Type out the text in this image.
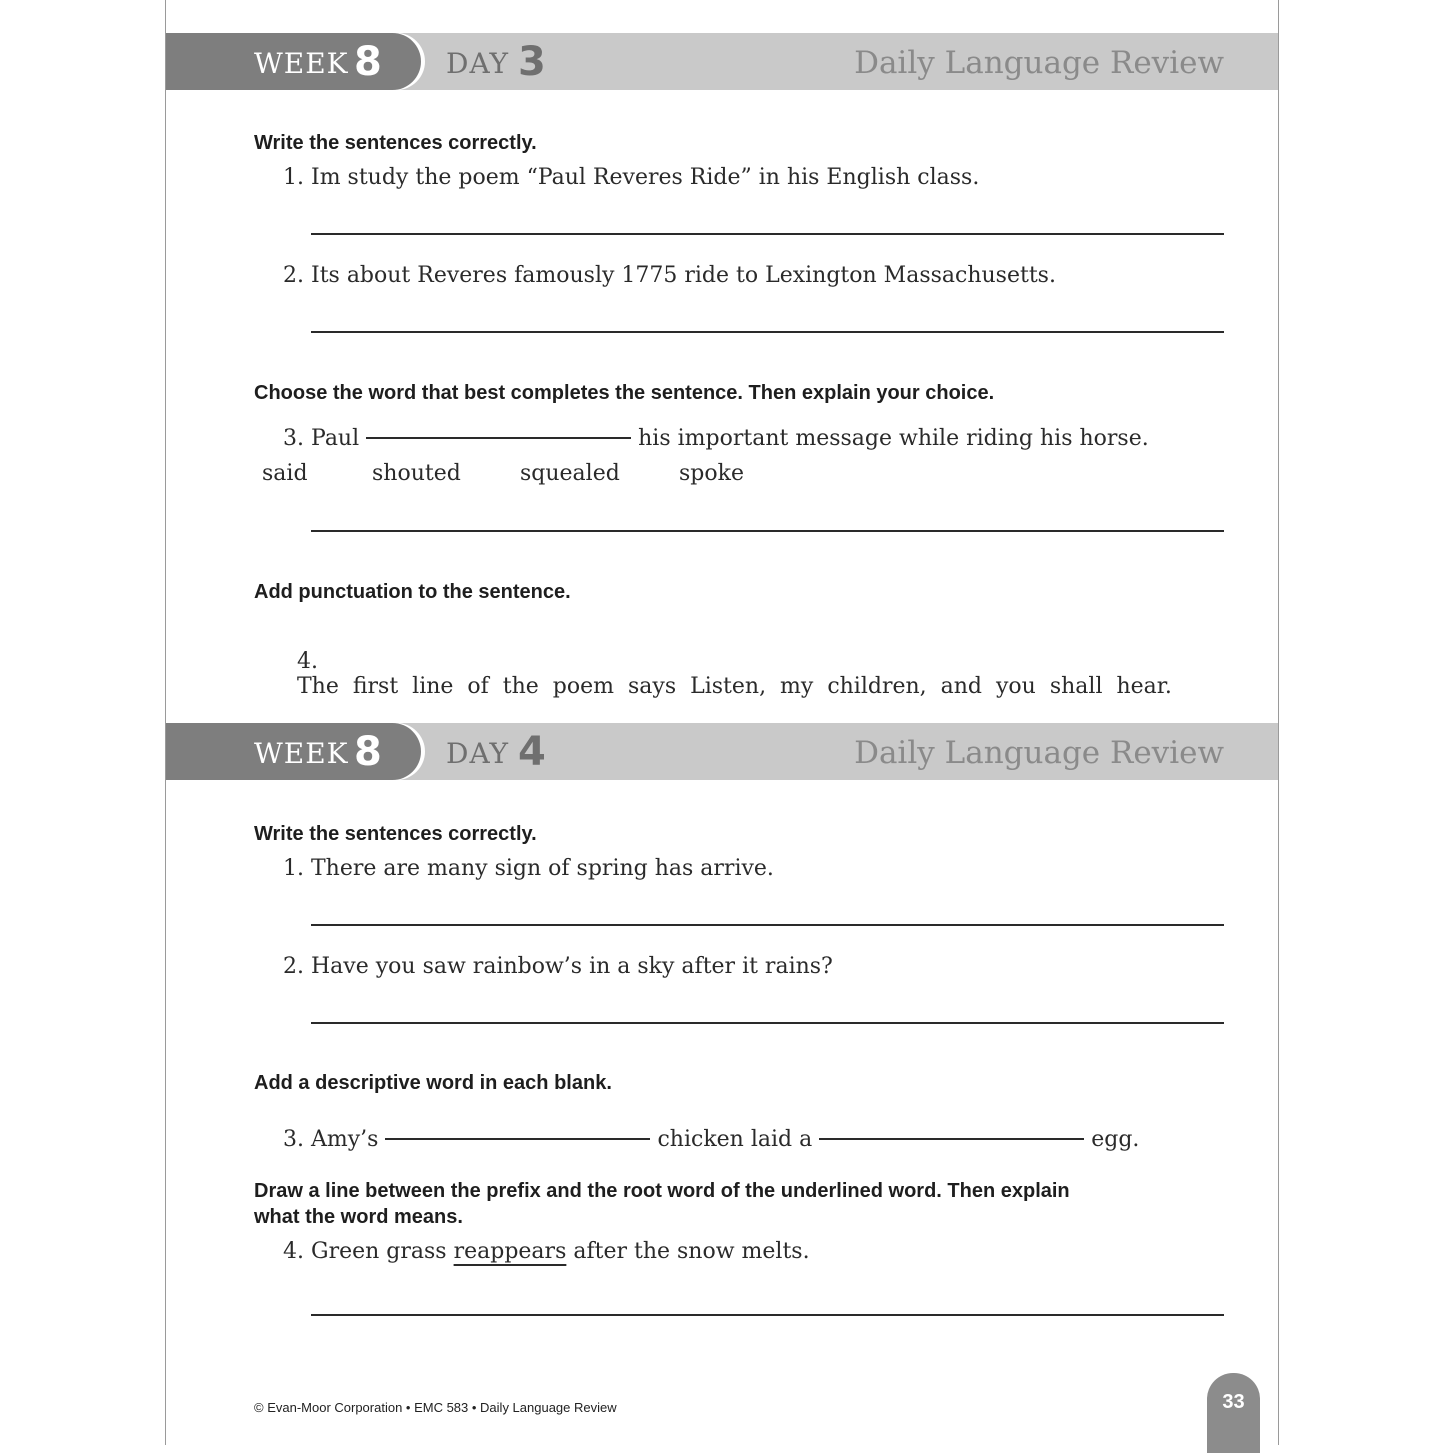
WEEK 8 DAY 3	Daily Language Review
Write the sentences correctly.
1. Im study the poem “Paul Reveres Ride” in his English class.
2. Its about Reveres famously 1775 ride to Lexington Massachusetts.
Choose the word that best completes the sentence. Then explain your choice.
3. Paul	his important message while riding his horse.
said	shouted	squealed	spoke
Add punctuation to the sentence.

4.
The  first  line  of  the  poem  says  Listen,  my  children,  and  you  shall  hear.

WEEK 8 DAY 4	Daily Language Review
Write the sentences correctly.
1. There are many sign of spring has arrive.
2. Have you saw rainbow’s in a sky after it rains?
Add a descriptive word in each blank.
3. Amy’s	chicken laid a	egg.
Draw a line between the prefix and the root word of the underlined word. Then explain
what the word means.
4. Green grass reappears after the snow melts.
© Evan-Moor Corporation • EMC 583 • Daily Language Review	33
